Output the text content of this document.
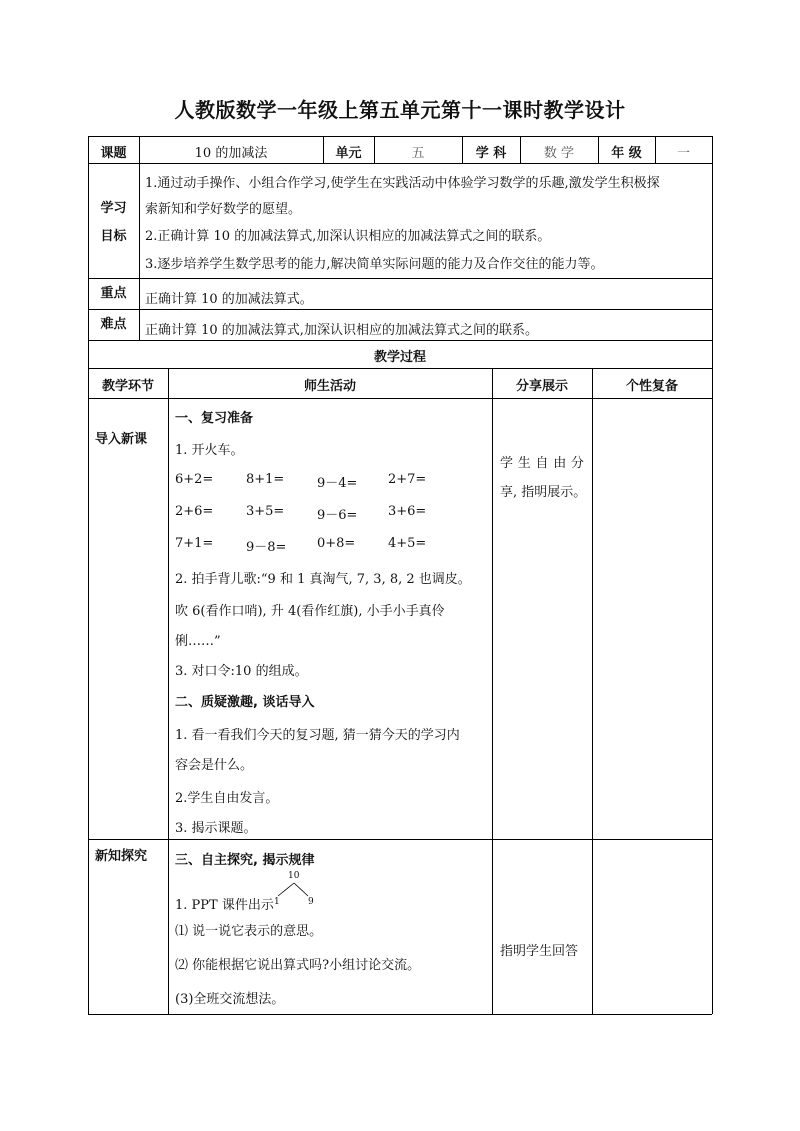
人教版数学一年级上第五单元第十一课时教学设计
课题	10 的加减法	单元	五	学 科	数 学	年 级	一
学习
目标
1.通过动手操作、小组合作学习,使学生在实践活动中体验学习数学的乐趣,激发学生积极探
索新知和学好数学的愿望。
2.正确计算 10 的加减法算式,加深认识相应的加减法算式之间的联系。
3.逐步培养学生数学思考的能力,解决简单实际问题的能力及合作交往的能力等。
重点	正确计算 10 的加减法算式。
难点	正确计算 10 的加减法算式,加深认识相应的加减法算式之间的联系。
教学过程
教学环节	师生活动	分享展示	个性复备
导入新课
一、复习准备
1. 开火车。
6+2=	8+1=	9－4= 2+7=
2+6=	3+5=	9－6= 3+6=
7+1=	9－8= 0+8=	4+5=
2. 拍手背儿歌:“9 和 1 真淘气, 7, 3, 8, 2 也调皮。
吹 6(看作口哨), 升 4(看作红旗), 小手小手真伶
俐……”
3. 对口令:10 的组成。
二、质疑激趣, 谈话导入
1. 看一看我们今天的复习题, 猜一猜今天的学习内
容会是什么。
2.学生自由发言。
3. 揭示课题。
学 生 自 由 分
享, 指明展示。
新知探究 三、自主探究, 揭示规律
1. PPT 课件出示
10
1	9
⑴ 说一说它表示的意思。
⑵ 你能根据它说出算式吗?小组讨论交流。
(3)全班交流想法。
指明学生回答
